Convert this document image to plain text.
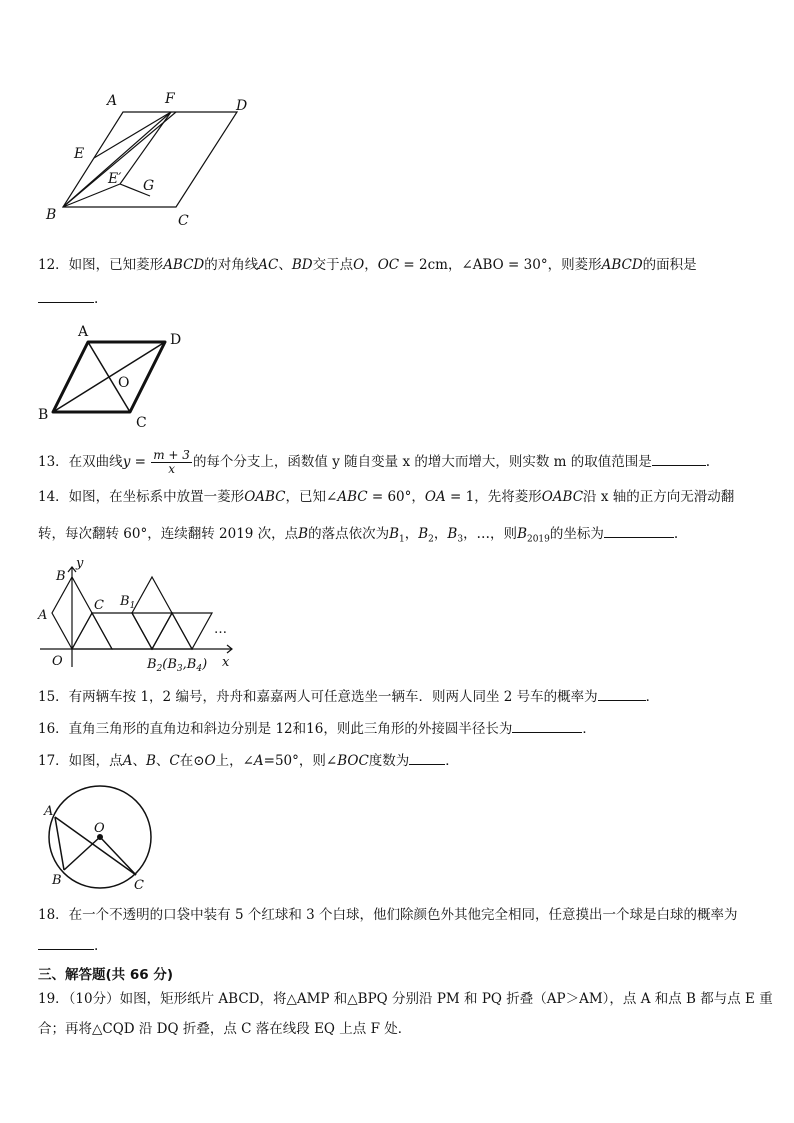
A	F	D
E
E′ G
B	C
12．如图，已知菱形ABCD的对角线AC、BD交于点O，OC = 2cm，∠ABO = 30°，则菱形ABCD的面积是
.
A	D
O
B	C
13．在双曲线$y = \frac{m + 3}{x}$ 的每个分支上，函数值 y 随自变量 x 的增大而增大，则实数 m 的取值范围是	.
14．如图，在坐标系中放置一菱形OABC，已知∠ABC = 60°，OA = 1，先将菱形OABC沿 x 轴的正方向无滑动翻
转，每次翻转 60°，连续翻转 2019 次，点B的落点依次为$B_1$，$B_2$，$B_3$，…，则$B_{2019}$的坐标为	.
y
B
A
C $B_1$
…
O	$B_2(B_3,B_4)$ x
15．有两辆车按 1，2 编号，舟舟和嘉嘉两人可任意选坐一辆车．则两人同坐 2 号车的概率为	．
16．直角三角形的直角边和斜边分别是 12和16，则此三角形的外接圆半径长为	．
17．如图，点A、B、C在⊙O上，∠A=50°，则∠BOC度数为	．
A
O
B	C
18．在一个不透明的口袋中装有 5 个红球和 3 个白球，他们除颜色外其他完全相同，任意摸出一个球是白球的概率为
.
三、解答题(共 66 分)
19．（10分）如图，矩形纸片 ABCD，将△AMP 和△BPQ 分别沿 PM 和 PQ 折叠（AP＞AM），点 A 和点 B 都与点 E 重
合；再将△CQD 沿 DQ 折叠，点 C 落在线段 EQ 上点 F 处．
